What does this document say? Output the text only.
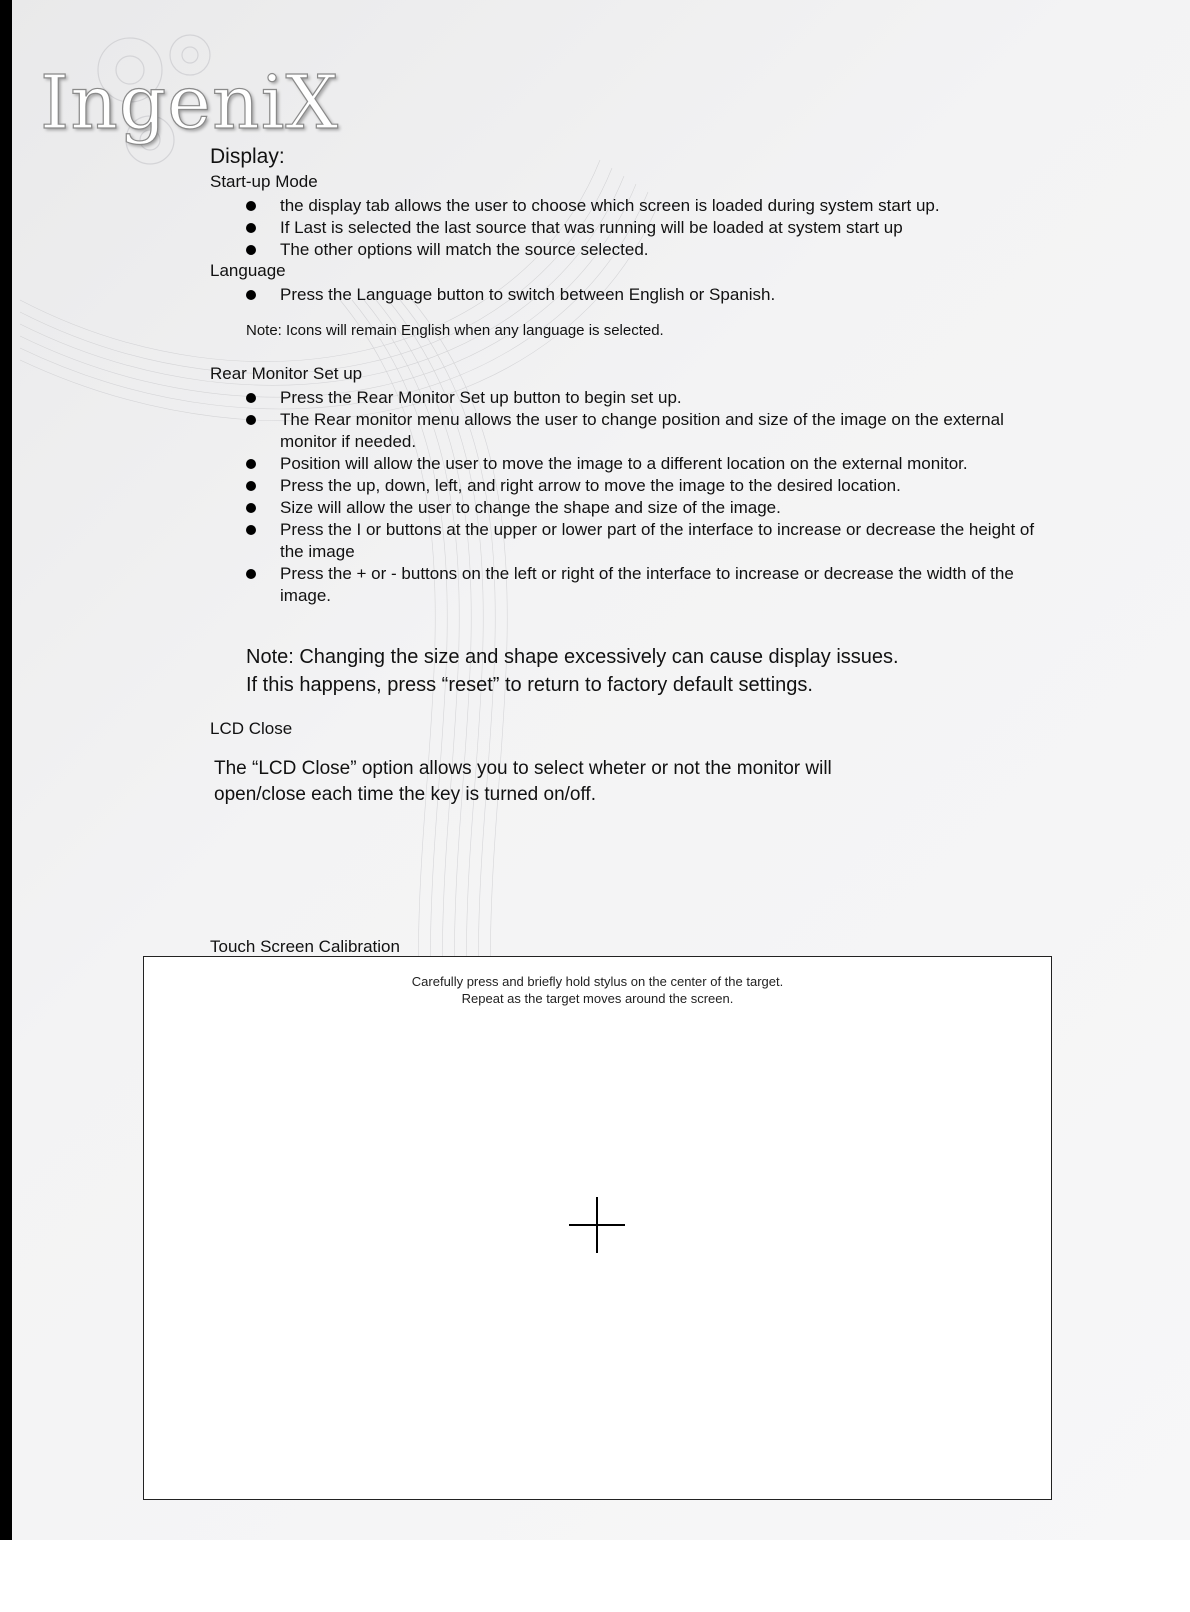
IngeniX
Display:
Start-up Mode
the display tab allows the user to choose which screen is loaded during system start up.
If Last is selected the last source that was running will be loaded at system start up
The other options will match the source selected.
Language
Press the Language button to switch between English or Spanish.
Note: Icons will remain English when any language is selected.
Rear Monitor Set up
Press the Rear Monitor Set up button to begin set up.
The Rear monitor menu allows the user to change position and size of the image on the external monitor if needed.
Position will allow the user to move the image to a different location on the external monitor.
Press the up, down, left, and right arrow to move the image to the desired location.
Size will allow the user to change the shape and size of the image.
Press the I or buttons at the upper or lower part of the interface to increase or decrease the height of the image
Press the + or - buttons on the left or right of the interface to increase or decrease the width of the image.
Note: Changing the size and shape excessively can cause display issues.
If this happens, press “reset” to return to factory default settings.
LCD Close
The “LCD Close” option allows you to select wheter or not the monitor will open/close each time the key is turned on/off.
Touch Screen Calibration
Carefully press and briefly hold stylus on the center of the target.
Repeat as the target moves around the screen.
